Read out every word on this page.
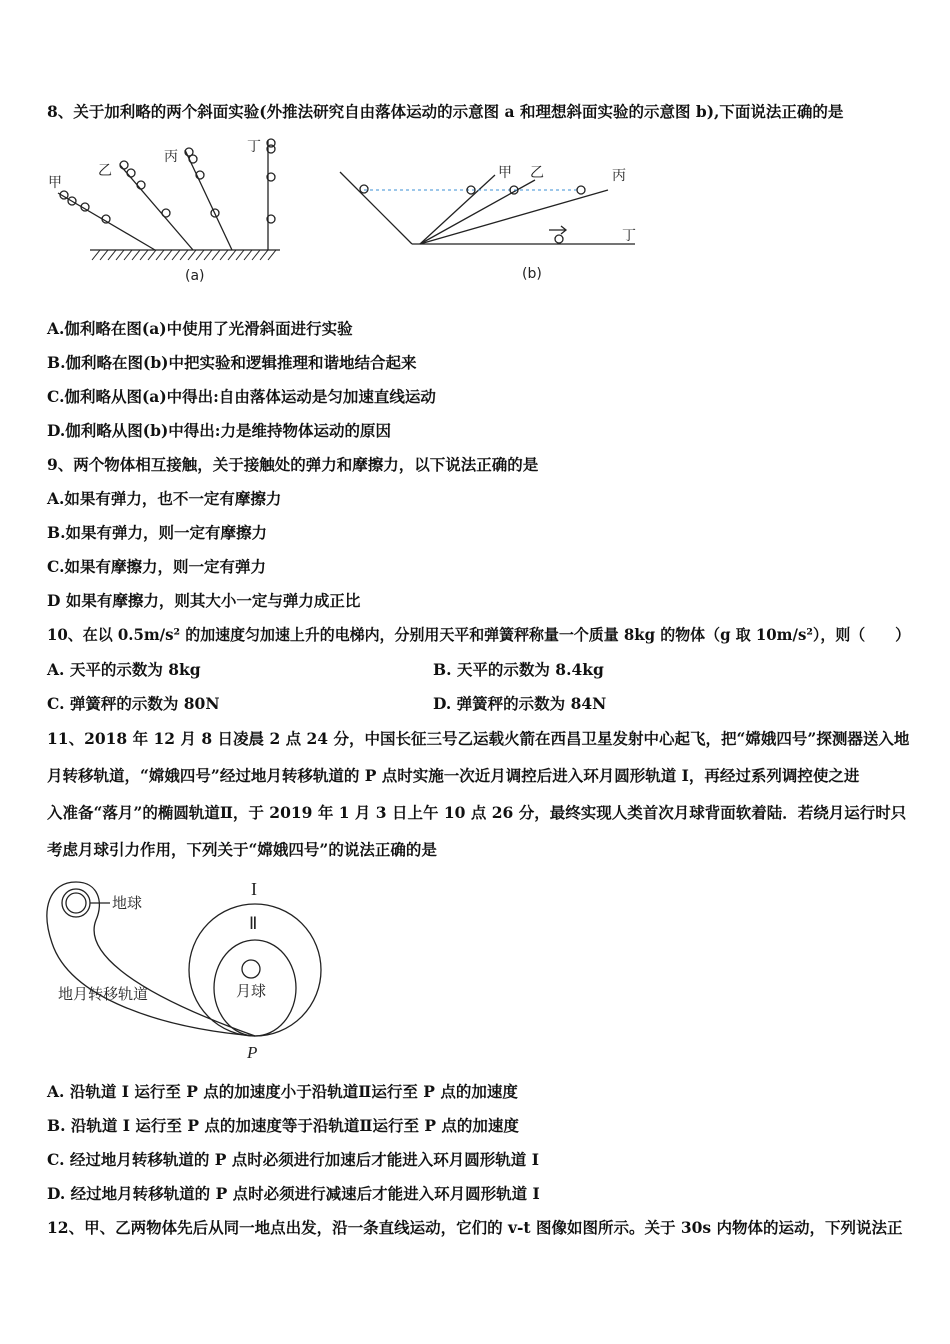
8、关于加利略的两个斜面实验(外推法研究自由落体运动的示意图 a 和理想斜面实验的示意图 b),下面说法正确的是
甲
乙
丙
丁
(a)
甲 乙	丙
丁
(b)
A.伽利略在图(a)中使用了光滑斜面进行实验
B.伽利略在图(b)中把实验和逻辑推理和谐地结合起来
C.伽利略从图(a)中得出:自由落体运动是匀加速直线运动
D.伽利略从图(b)中得出:力是维持物体运动的原因
9、两个物体相互接触，关于接触处的弹力和摩擦力，以下说法正确的是
A.如果有弹力，也不一定有摩擦力
B.如果有弹力，则一定有摩擦力
C.如果有摩擦力，则一定有弹力
D 如果有摩擦力，则其大小一定与弹力成正比
10、在以 0.5m/s² 的加速度匀加速上升的电梯内，分别用天平和弹簧秤称量一个质量 8kg 的物体（g 取 10m/s²），则（　　）
A. 天平的示数为 8kg	B. 天平的示数为 8.4kg
C. 弹簧秤的示数为 80N	D. 弹簧秤的示数为 84N
11、2018 年 12 月 8 日凌晨 2 点 24 分，中国长征三号乙运载火箭在西昌卫星发射中心起飞，把“嫦娥四号”探测器送入地
月转移轨道，“嫦娥四号”经过地月转移轨道的 P 点时实施一次近月调控后进入环月圆形轨道 I，再经过系列调控使之进
入准备“落月”的椭圆轨道Ⅱ，于 2019 年 1 月 3 日上午 10 点 26 分，最终实现人类首次月球背面软着陆．若绕月运行时只
考虑月球引力作用，下列关于“嫦娥四号”的说法正确的是
地球
I
Ⅱ
月球
地月转移轨道
P
A. 沿轨道 I 运行至 P 点的加速度小于沿轨道Ⅱ运行至 P 点的加速度
B. 沿轨道 I 运行至 P 点的加速度等于沿轨道Ⅱ运行至 P 点的加速度
C. 经过地月转移轨道的 P 点时必须进行加速后才能进入环月圆形轨道 I
D. 经过地月转移轨道的 P 点时必须进行减速后才能进入环月圆形轨道 I
12、甲、乙两物体先后从同一地点出发，沿一条直线运动，它们的 v-t 图像如图所示。关于 30s 内物体的运动，下列说法正
